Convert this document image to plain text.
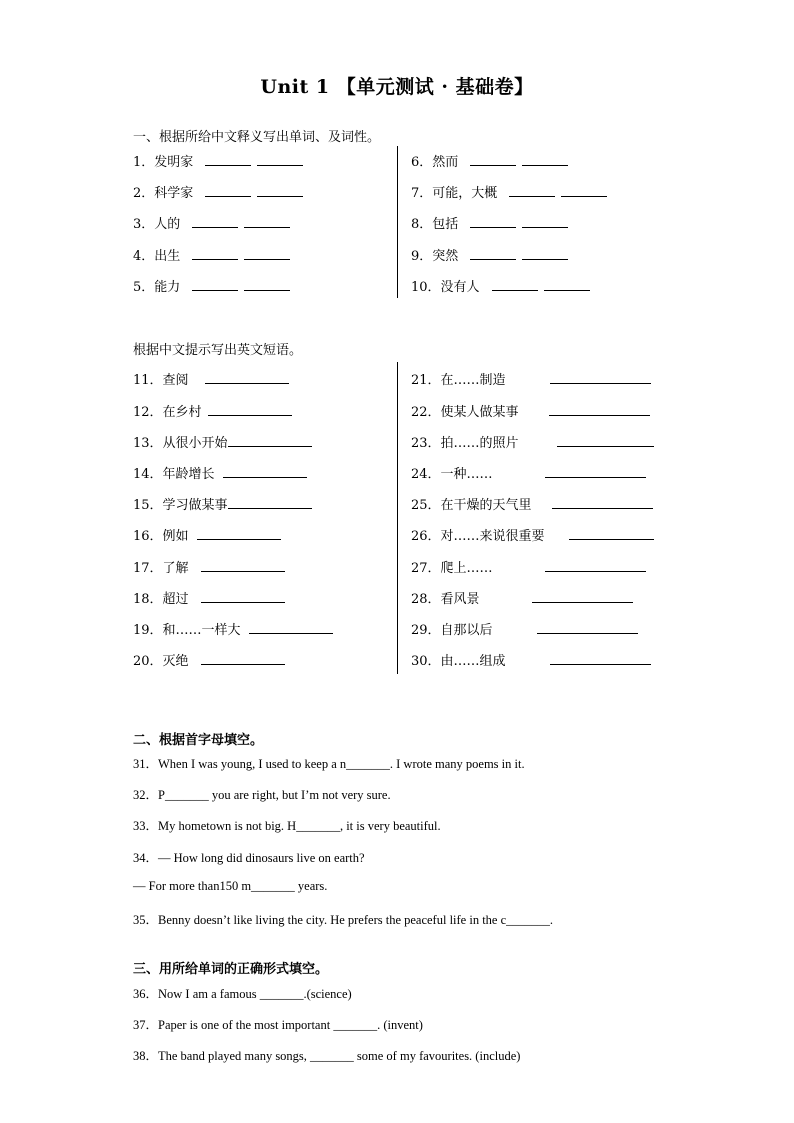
Unit 1 【单元测试 · 基础卷】
一、根据所给中文释义写出单词、及词性。
1．发明家
2．科学家
3．人的
4．出生
5．能力
6．然而
7．可能，大概
8．包括
9．突然
10．没有人
根据中文提示写出英文短语。
11．查阅
12．在乡村
13．从很小开始
14．年龄增长
15．学习做某事
16．例如
17．了解
18．超过
19．和……一样大
20．灭绝
21．在……制造
22．使某人做某事
23．拍……的照片
24．一种……
25．在干燥的天气里
26．对……来说很重要
27．爬上……
28．看风景
29．自那以后
30．由……组成
二、根据首字母填空。
31．When I was young, I used to keep a n_______. I wrote many poems in it.
32．P_______ you are right, but I’m not very sure.
33．My hometown is not big. H_______, it is very beautiful.
34．— How long did dinosaurs live on earth?
— For more than150 m_______ years.
35．Benny doesn’t like living the city. He prefers the peaceful life in the c_______.
三、用所给单词的正确形式填空。
36．Now I am a famous _______.(science)
37．Paper is one of the most important _______. (invent)
38．The band played many songs, _______ some of my favourites. (include)
